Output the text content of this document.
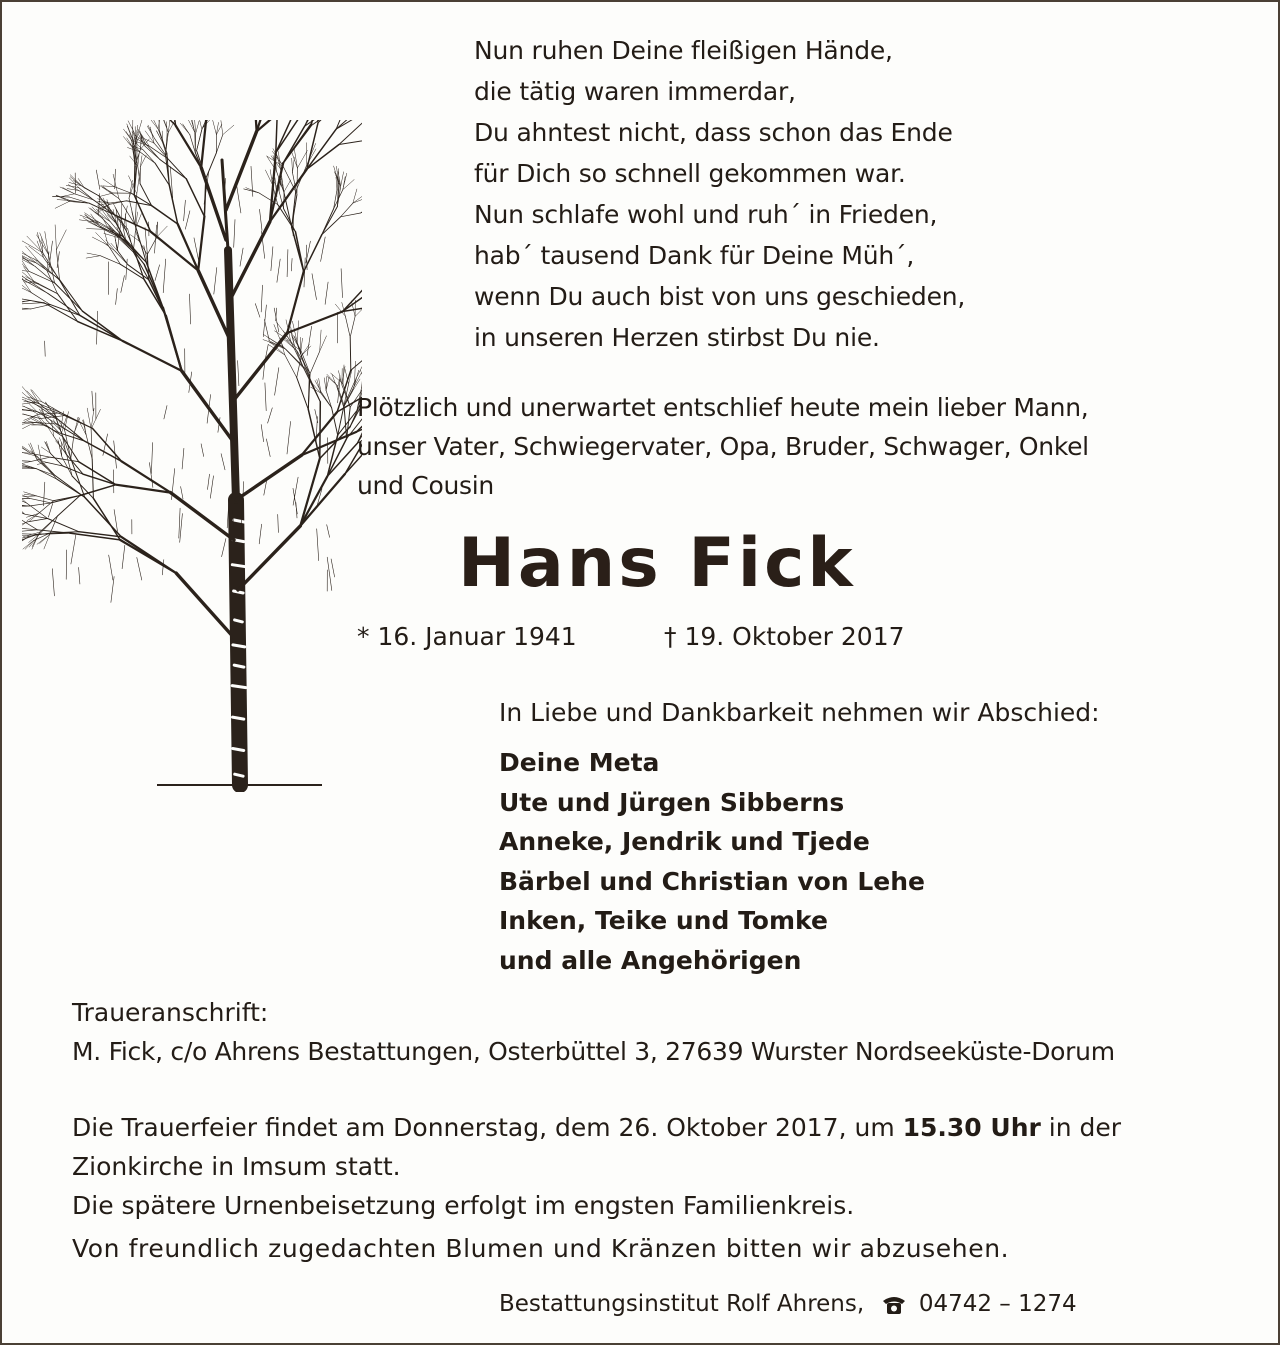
Nun ruhen Deine fleißigen Hände,
die tätig waren immerdar,
Du ahntest nicht, dass schon das Ende
für Dich so schnell gekommen war.
Nun schlafe wohl und ruh´ in Frieden,
hab´ tausend Dank für Deine Müh´,
wenn Du auch bist von uns geschieden,
in unseren Herzen stirbst Du nie.
Plötzlich und unerwartet entschlief heute mein lieber Mann,
unser Vater, Schwiegervater, Opa, Bruder, Schwager, Onkel
und Cousin
Hans Fick
* 16. Januar 1941	† 19. Oktober 2017
In Liebe und Dankbarkeit nehmen wir Abschied:
Deine Meta
Ute und Jürgen Sibberns
Anneke, Jendrik und Tjede
Bärbel und Christian von Lehe
Inken, Teike und Tomke
und alle Angehörigen
Traueranschrift:
M. Fick, c/o Ahrens Bestattungen, Osterbüttel 3, 27639 Wurster Nordseeküste-Dorum
Die Trauerfeier findet am Donnerstag, dem 26. Oktober 2017, um 15.30 Uhr in der Zionkirche in Imsum statt.
Die spätere Urnenbeisetzung erfolgt im engsten Familienkreis.
Von freundlich zugedachten Blumen und Kränzen bitten wir abzusehen.
Bestattungsinstitut Rolf Ahrens, 04742 – 1274
